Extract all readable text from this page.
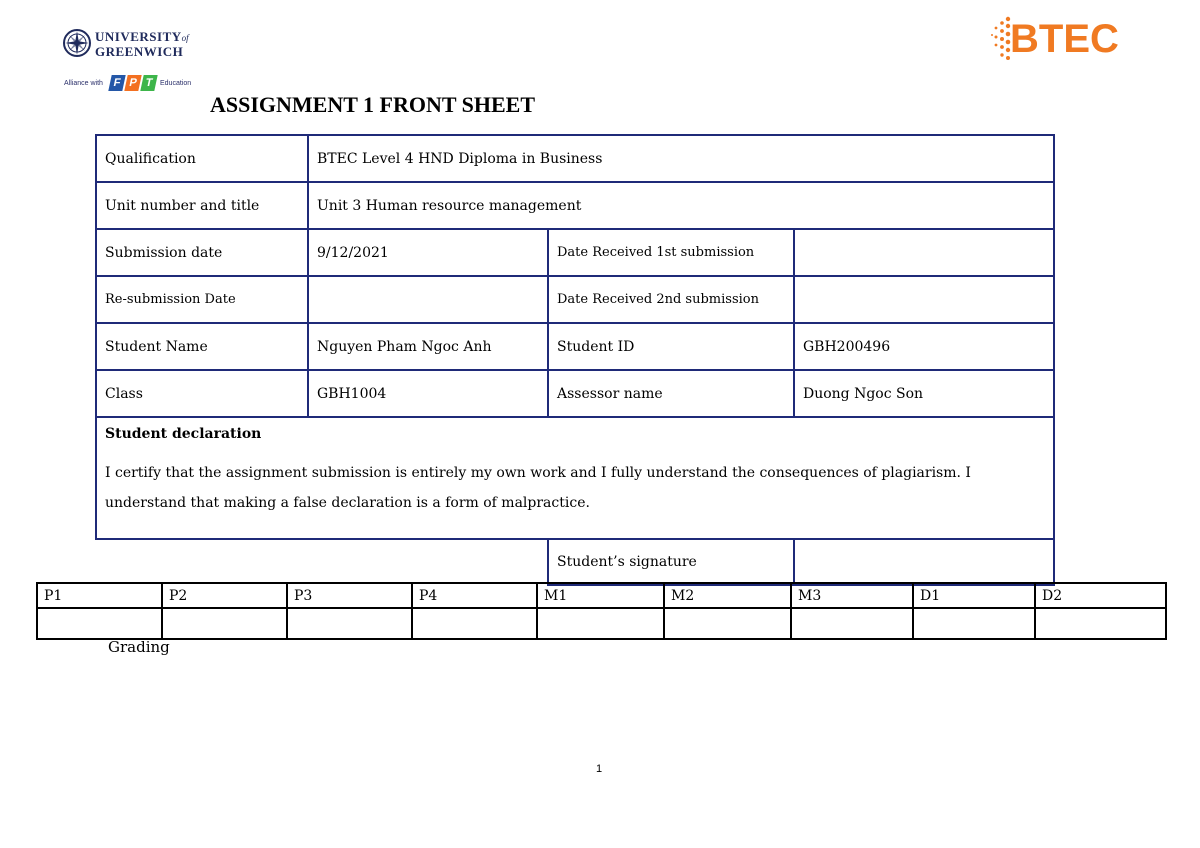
UNIVERSITYof
GREENWICH
Alliance with F P T Education
BTEC
ASSIGNMENT 1 FRONT SHEET
Qualification	BTEC Level 4 HND Diploma in Business		
Unit number and title	Unit 3 Human resource management		
Submission date	9/12/2021	Date Received 1st submission	
Re-submission Date		Date Received 2nd submission	
Student Name	Nguyen Pham Ngoc Anh	Student ID	GBH200496
Class	GBH1004	Assessor name	Duong Ngoc Son

Student declaration

I certify that the assignment submission is entirely my own work and I fully understand the consequences of plagiarism. I understand that making a false declaration is a form of malpractice.			

		Student’s signature	
P1	P2	P3	P4	M1	M2	M3	D1	D2

Grading
1
